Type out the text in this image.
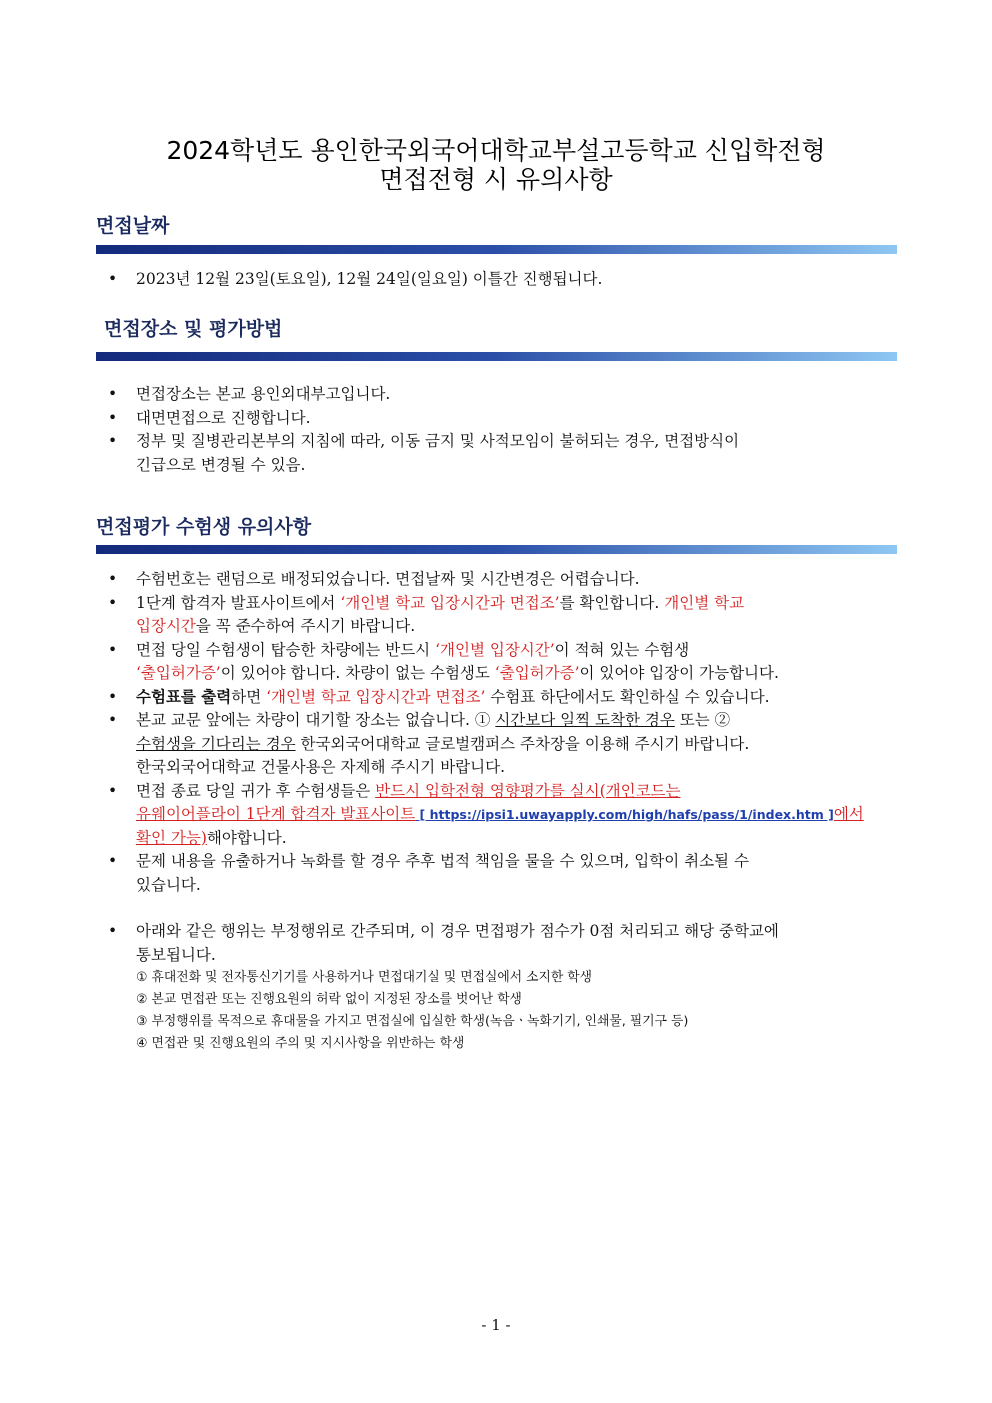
2024학년도 용인한국외국어대학교부설고등학교 신입학전형
면접전형 시 유의사항
면접날짜
• 2023년 12월 23일(토요일), 12월 24일(일요일) 이틀간 진행됩니다.
면접장소 및 평가방법
• 면접장소는 본교 용인외대부고입니다.
• 대면면접으로 진행합니다.
• 정부 및 질병관리본부의 지침에 따라, 이동 금지 및 사적모임이 불허되는 경우, 면접방식이
긴급으로 변경될 수 있음.
면접평가 수험생 유의사항
• 수험번호는 랜덤으로 배정되었습니다. 면접날짜 및 시간변경은 어렵습니다.
• 1단계 합격자 발표사이트에서 ‘개인별 학교 입장시간과 면접조’를 확인합니다. 개인별 학교
입장시간을 꼭 준수하여 주시기 바랍니다.
• 면접 당일 수험생이 탑승한 차량에는 반드시 ‘개인별 입장시간’이 적혀 있는 수험생
‘출입허가증’이 있어야 합니다. 차량이 없는 수험생도 ‘출입허가증’이 있어야 입장이 가능합니다.
• 수험표를 출력하면 ‘개인별 학교 입장시간과 면접조’ 수험표 하단에서도 확인하실 수 있습니다.
• 본교 교문 앞에는 차량이 대기할 장소는 없습니다. ① 시간보다 일찍 도착한 경우 또는 ②
수험생을 기다리는 경우 한국외국어대학교 글로벌캠퍼스 주차장을 이용해 주시기 바랍니다.
한국외국어대학교 건물사용은 자제해 주시기 바랍니다.
• 면접 종료 당일 귀가 후 수험생들은 반드시 입학전형 영향평가를 실시(개인코드는
유웨이어플라이 1단계 합격자 발표사이트 [ https://ipsi1.uwayapply.com/high/hafs/pass/1/index.htm ]에서
확인 가능)해야합니다.
• 문제 내용을 유출하거나 녹화를 할 경우 추후 법적 책임을 물을 수 있으며, 입학이 취소될 수
있습니다.
• 아래와 같은 행위는 부정행위로 간주되며, 이 경우 면접평가 점수가 0점 처리되고 해당 중학교에
통보됩니다.
① 휴대전화 및 전자통신기기를 사용하거나 면접대기실 및 면접실에서 소지한 학생
② 본교 면접관 또는 진행요원의 허락 없이 지정된 장소를 벗어난 학생
③ 부정행위를 목적으로 휴대물을 가지고 면접실에 입실한 학생(녹음ㆍ녹화기기, 인쇄물, 필기구 등)
④ 면접관 및 진행요원의 주의 및 지시사항을 위반하는 학생
- 1 -
